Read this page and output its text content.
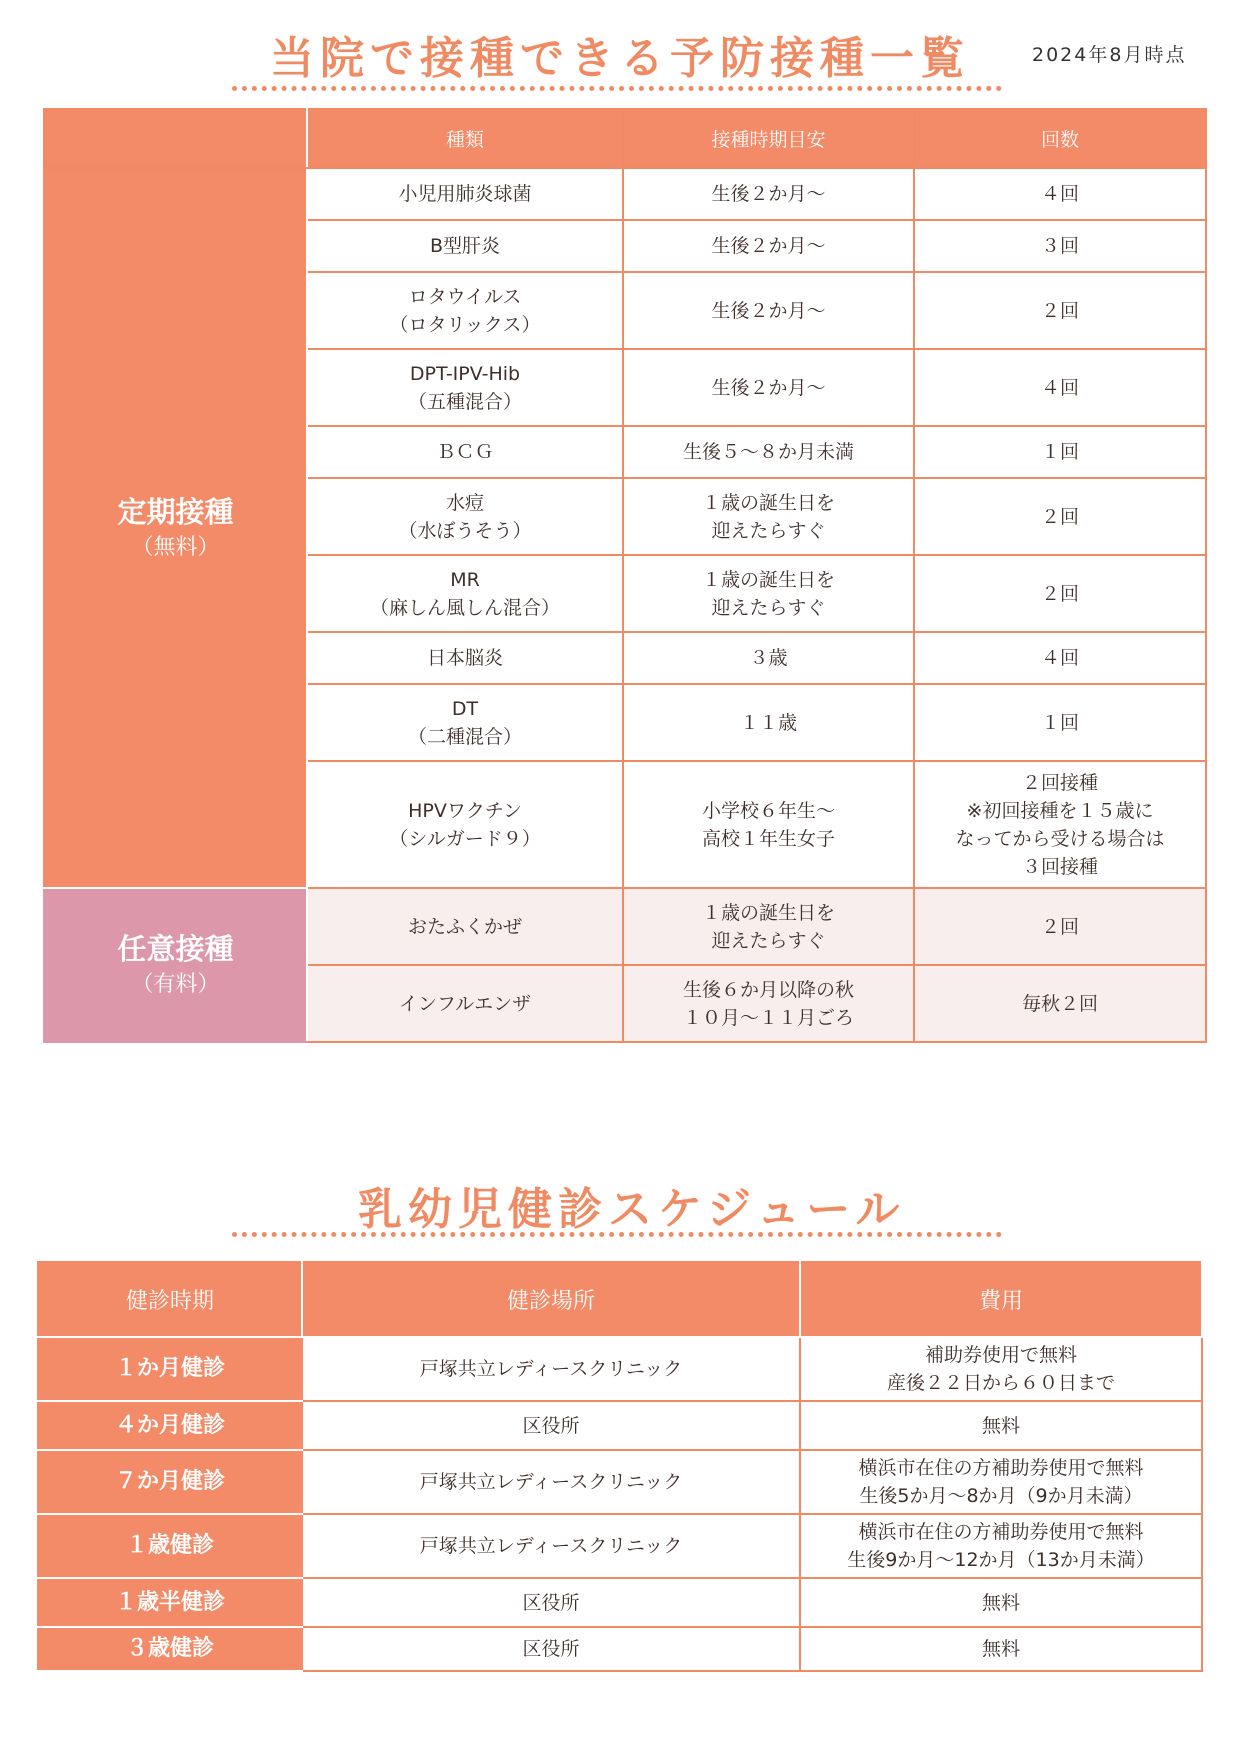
当院で接種できる予防接種一覧	2024年8月時点
	種類	接種時期目安	回数

定期接種
（無料）	小児用肺炎球菌	生後２か月～	４回

	B型肝炎	生後２か月～	３回

	ロタウイルス
（ロタリックス）	生後２か月～	２回

	DPT-IPV-Hib
（五種混合）	生後２か月～	４回

	ＢＣＧ	生後５～８か月未満	１回

	水痘
（水ぼうそう）	１歳の誕生日を
迎えたらすぐ	２回

	MR
（麻しん風しん混合）	１歳の誕生日を
迎えたらすぐ	２回

	日本脳炎	３歳	４回

	DT
（二種混合）	１１歳	１回

	HPVワクチン
（シルガード９）	小学校６年生～
高校１年生女子	２回接種
※初回接種を１５歳に
なってから受ける場合は
３回接種

任意接種
（有料）	おたふくかぜ	１歳の誕生日を
迎えたらすぐ	２回

	インフルエンザ	生後６か月以降の秋
１０月～１１月ごろ	毎秋２回
乳幼児健診スケジュール
健診時期	健診場所	費用
１か月健診	戸塚共立レディースクリニック	補助券使用で無料
産後２２日から６０日まで

４か月健診	区役所	無料

７か月健診	戸塚共立レディースクリニック	横浜市在住の方補助券使用で無料
生後5か月～8か月（9か月未満）

１歳健診	戸塚共立レディースクリニック	横浜市在住の方補助券使用で無料
生後9か月～12か月（13か月未満）

１歳半健診	区役所	無料

３歳健診	区役所	無料
